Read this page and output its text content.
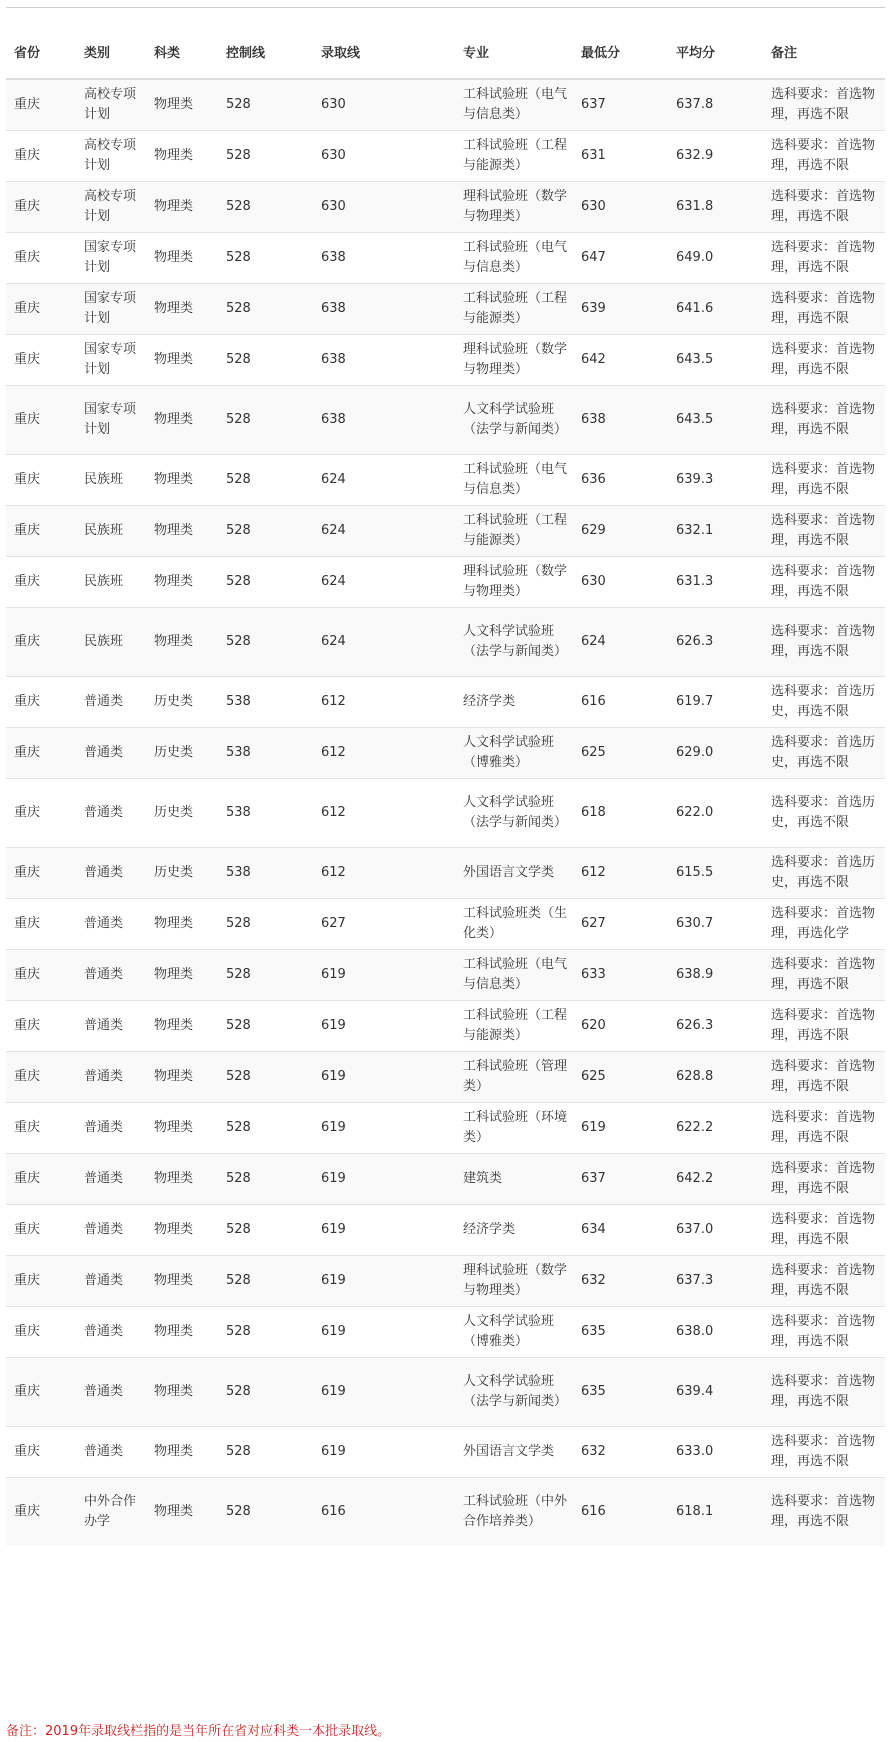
省份	类别	科类	控制线	录取线	专业	最低分	平均分	备注
重庆	高校专项计划	物理类	528	630	工科试验班（电气与信息类）	637	637.8	选科要求：首选物理，再选不限
重庆	高校专项计划	物理类	528	630	工科试验班（工程与能源类）	631	632.9	选科要求：首选物理，再选不限
重庆	高校专项计划	物理类	528	630	理科试验班（数学与物理类）	630	631.8	选科要求：首选物理，再选不限
重庆	国家专项计划	物理类	528	638	工科试验班（电气与信息类）	647	649.0	选科要求：首选物理，再选不限
重庆	国家专项计划	物理类	528	638	工科试验班（工程与能源类）	639	641.6	选科要求：首选物理，再选不限
重庆	国家专项计划	物理类	528	638	理科试验班（数学与物理类）	642	643.5	选科要求：首选物理，再选不限
重庆	国家专项计划	物理类	528	638	人文科学试验班（法学与新闻类）	638	643.5	选科要求：首选物理，再选不限
重庆	民族班	物理类	528	624	工科试验班（电气与信息类）	636	639.3	选科要求：首选物理，再选不限
重庆	民族班	物理类	528	624	工科试验班（工程与能源类）	629	632.1	选科要求：首选物理，再选不限
重庆	民族班	物理类	528	624	理科试验班（数学与物理类）	630	631.3	选科要求：首选物理，再选不限
重庆	民族班	物理类	528	624	人文科学试验班（法学与新闻类）	624	626.3	选科要求：首选物理，再选不限
重庆	普通类	历史类	538	612	经济学类	616	619.7	选科要求：首选历史，再选不限
重庆	普通类	历史类	538	612	人文科学试验班（博雅类）	625	629.0	选科要求：首选历史，再选不限
重庆	普通类	历史类	538	612	人文科学试验班（法学与新闻类）	618	622.0	选科要求：首选历史，再选不限
重庆	普通类	历史类	538	612	外国语言文学类	612	615.5	选科要求：首选历史，再选不限
重庆	普通类	物理类	528	627	工科试验班类（生化类）	627	630.7	选科要求：首选物理，再选化学
重庆	普通类	物理类	528	619	工科试验班（电气与信息类）	633	638.9	选科要求：首选物理，再选不限
重庆	普通类	物理类	528	619	工科试验班（工程与能源类）	620	626.3	选科要求：首选物理，再选不限
重庆	普通类	物理类	528	619	工科试验班（管理类）	625	628.8	选科要求：首选物理，再选不限
重庆	普通类	物理类	528	619	工科试验班（环境类）	619	622.2	选科要求：首选物理，再选不限
重庆	普通类	物理类	528	619	建筑类	637	642.2	选科要求：首选物理，再选不限
重庆	普通类	物理类	528	619	经济学类	634	637.0	选科要求：首选物理，再选不限
重庆	普通类	物理类	528	619	理科试验班（数学与物理类）	632	637.3	选科要求：首选物理，再选不限
重庆	普通类	物理类	528	619	人文科学试验班（博雅类）	635	638.0	选科要求：首选物理，再选不限
重庆	普通类	物理类	528	619	人文科学试验班（法学与新闻类）	635	639.4	选科要求：首选物理，再选不限
重庆	普通类	物理类	528	619	外国语言文学类	632	633.0	选科要求：首选物理，再选不限
重庆	中外合作办学	物理类	528	616	工科试验班（中外合作培养类）	616	618.1	选科要求：首选物理，再选不限
备注：2019年录取线栏指的是当年所在省对应科类一本批录取线。
